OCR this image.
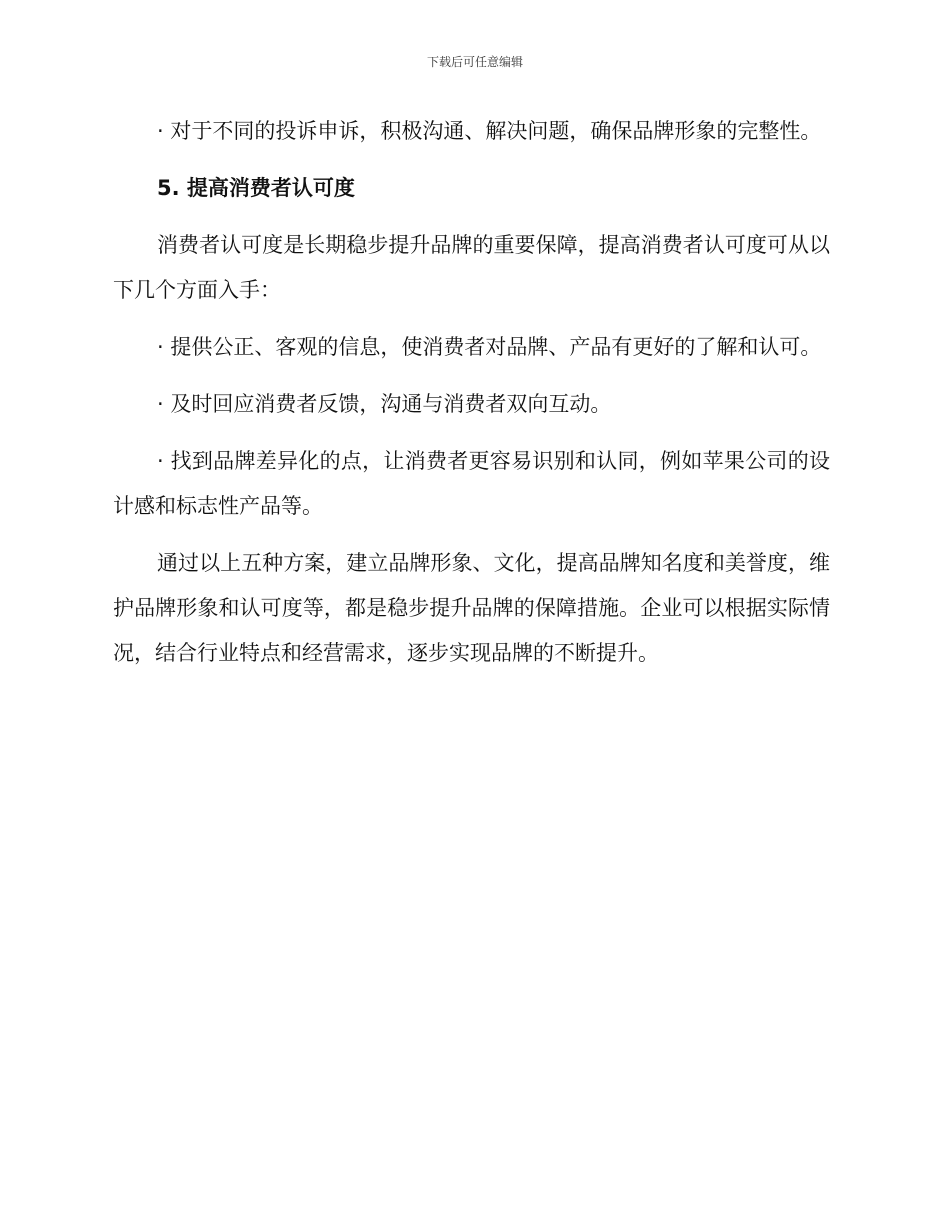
下载后可任意编辑

· 对于不同的投诉申诉，积极沟通、解决问题，确保品牌形象的完整性。

5. 提高消费者认可度

消费者认可度是长期稳步提升品牌的重要保障，提高消费者认可度可从以下几个方面入手：

· 提供公正、客观的信息，使消费者对品牌、产品有更好的了解和认可。

· 及时回应消费者反馈，沟通与消费者双向互动。

· 找到品牌差异化的点，让消费者更容易识别和认同，例如苹果公司的设计感和标志性产品等。

通过以上五种方案，建立品牌形象、文化，提高品牌知名度和美誉度，维护品牌形象和认可度等，都是稳步提升品牌的保障措施。企业可以根据实际情况，结合行业特点和经营需求，逐步实现品牌的不断提升。
